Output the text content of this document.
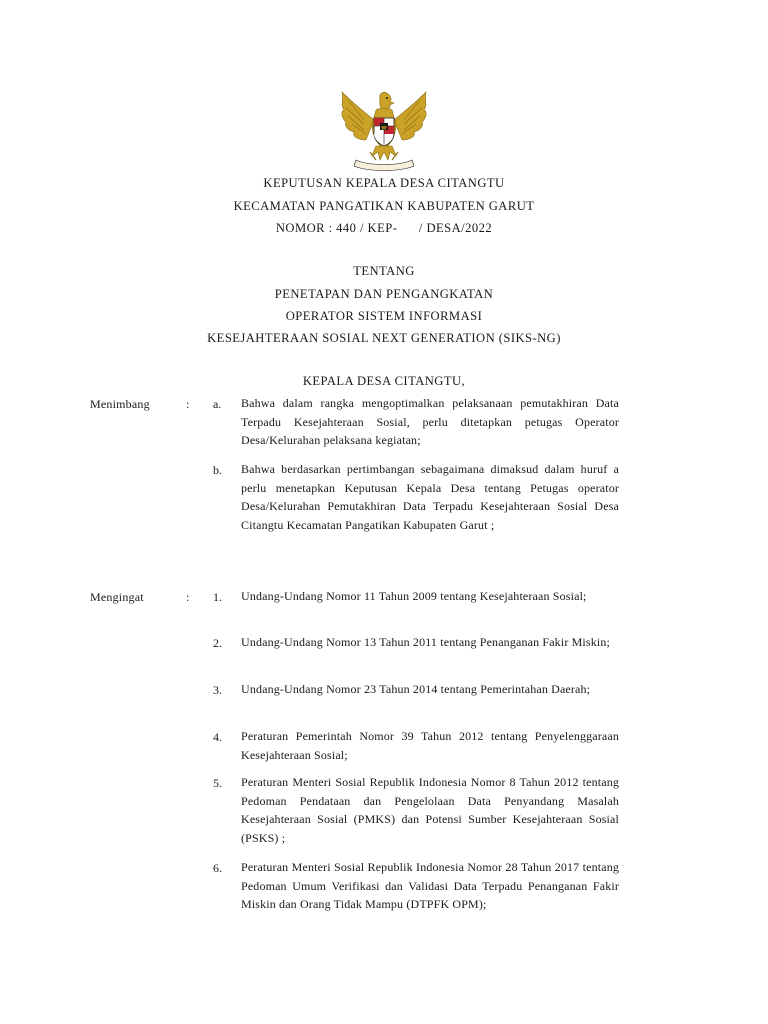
KEPUTUSAN KEPALA DESA CITANGTU
KECAMATAN PANGATIKAN KABUPATEN GARUT
NOMOR : 440 / KEP-      / DESA/2022
TENTANG
PENETAPAN DAN PENGANGKATAN
OPERATOR SISTEM INFORMASI
KESEJAHTERAAN SOSIAL NEXT GENERATION (SIKS-NG)
KEPALA DESA CITANGTU,
Menimbang	: a.	Bahwa dalam rangka mengoptimalkan pelaksanaan pemutakhiran Data Terpadu Kesejahteraan Sosial, perlu ditetapkan petugas Operator Desa/Kelurahan pelaksana kegiatan;
b.	Bahwa berdasarkan pertimbangan sebagaimana dimaksud dalam huruf a perlu menetapkan Keputusan Kepala Desa tentang Petugas operator Desa/Kelurahan Pemutakhiran Data Terpadu Kesejahteraan Sosial Desa Citangtu Kecamatan Pangatikan Kabupaten Garut ;
Mengingat	: 1.	Undang-Undang Nomor 11 Tahun 2009 tentang Kesejahteraan Sosial;
2.	Undang-Undang Nomor 13 Tahun 2011 tentang Penanganan Fakir Miskin;
3.	Undang-Undang Nomor 23 Tahun 2014 tentang Pemerintahan Daerah;
4.	Peraturan Pemerintah Nomor 39 Tahun 2012 tentang Penyelenggaraan Kesejahteraan Sosial;
5.	Peraturan Menteri Sosial Republik Indonesia Nomor 8 Tahun 2012 tentang Pedoman Pendataan dan Pengelolaan Data Penyandang Masalah Kesejahteraan Sosial (PMKS) dan Potensi Sumber Kesejahteraan Sosial (PSKS) ;
6.	Peraturan Menteri Sosial Republik Indonesia Nomor 28 Tahun 2017 tentang Pedoman Umum Verifikasi dan Validasi Data Terpadu Penanganan Fakir Miskin dan Orang Tidak Mampu (DTPFK OPM);
